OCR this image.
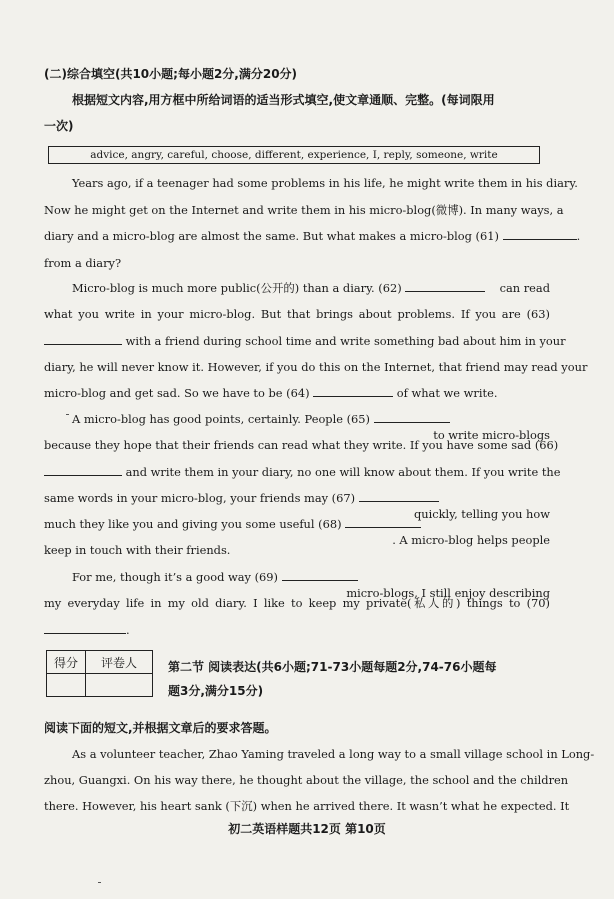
(二)综合填空(共10小题;每小题2分,满分20分)
根据短文内容,用方框中所给词语的适当形式填空,使文章通顺、完整。(每词限用
一次)
advice, angry, careful, choose, different, experience, I, reply, someone, write
Years ago, if a teenager had some problems in his life, he might write them in his diary.
Now he might get on the Internet and write them in his micro-blog(微博). In many ways, a
diary and a micro-blog are almost the same. But what makes a micro-blog (61)	.
from a diary?
Micro-blog is much more public(公开的) than a diary. (62)	can read
what you write in your micro-blog. But that brings about problems. If you are (63)
with a friend during school time and write something bad about him in your
diary, he will never know it. However, if you do this on the Internet, that friend may read your
micro-blog and get sad. So we have to be (64)	of what we write.
A micro-blog has good points, certainly. People (65)
to write micro-blogs
because they hope that their friends can read what they write. If you have some sad (66)
and write them in your diary, no one will know about them. If you write the
same words in your micro-blog, your friends may (67)
quickly, telling you how
much they like you and giving you some useful (68)
. A micro-blog helps people
keep in touch with their friends.
For me, though it’s a good way (69)
micro-blogs, I still enjoy describing
my everyday life in my old diary. I like to keep my private(私人的) things to (70)
.
得分	评卷人
		第二节 阅读表达(共6小题;71-73小题每题2分,74-76小题每
题3分,满分15分)
阅读下面的短文,并根据文章后的要求答题。
As a volunteer teacher, Zhao Yaming traveled a long way to a small village school in Long-
zhou, Guangxi. On his way there, he thought about the village, the school and the children
there. However, his heart sank (下沉) when he arrived there. It wasn’t what he expected. It
初二英语样题共12页 第10页
